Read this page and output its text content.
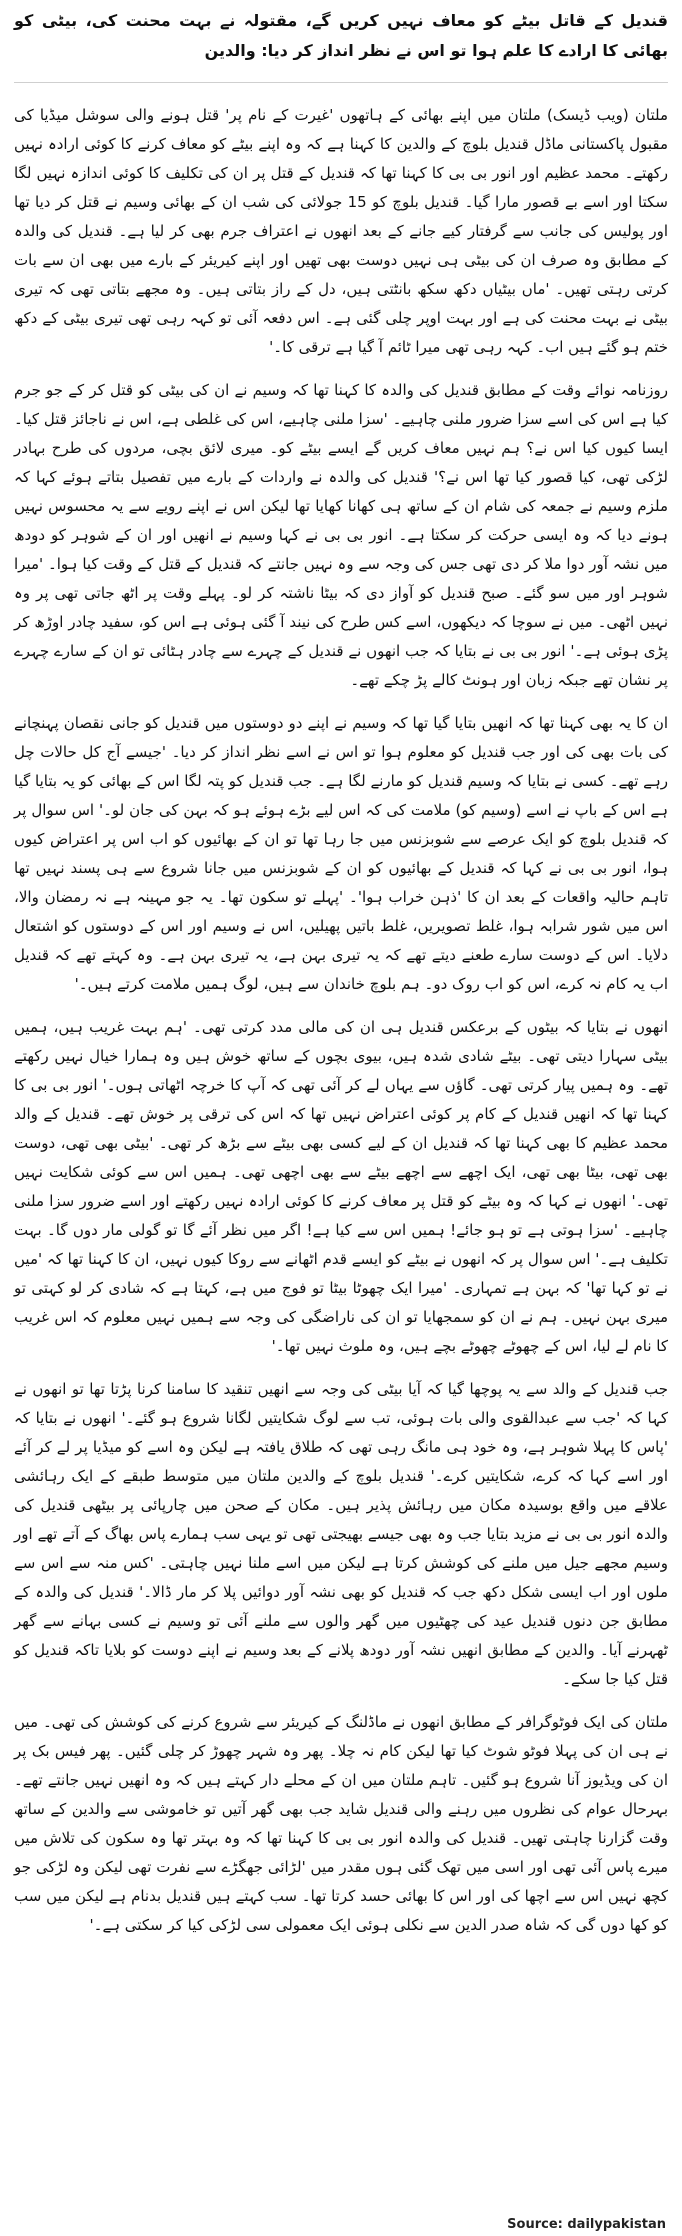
قندیل کے قاتل بیٹے کو معاف نہیں کریں گے، مقتولہ نے بہت محنت کی، بیٹی کو بھائی کا ارادے کا علم ہوا تو اس نے نظر انداز کر دیا: والدین

ملتان (ویب ڈیسک) ملتان میں اپنے بھائی کے ہاتھوں 'غیرت کے نام پر' قتل ہونے والی سوشل میڈیا کی مقبول پاکستانی ماڈل قندیل بلوچ کے والدین کا کہنا ہے کہ وہ اپنے بیٹے کو معاف کرنے کا کوئی ارادہ نہیں رکھتے۔ محمد عظیم اور انور بی بی کا کہنا تھا کہ قندیل کے قتل پر ان کی تکلیف کا کوئی اندازہ نہیں لگا سکتا اور اسے بے قصور مارا گیا۔ قندیل بلوچ کو 15 جولائی کی شب ان کے بھائی وسیم نے قتل کر دیا تھا اور پولیس کی جانب سے گرفتار کیے جانے کے بعد انھوں نے اعتراف جرم بھی کر لیا ہے۔ قندیل کی والدہ کے مطابق وہ صرف ان کی بیٹی ہی نہیں دوست بھی تھیں اور اپنے کیریئر کے بارے میں بھی ان سے بات کرتی رہتی تھیں۔ 'ماں بیٹیاں دکھ سکھ بانٹتی ہیں، دل کے راز بتاتی ہیں۔ وہ مجھے بتاتی تھی کہ تیری بیٹی نے بہت محنت کی ہے اور بہت اوپر چلی گئی ہے۔ اس دفعہ آئی تو کہہ رہی تھی تیری بیٹی کے دکھ ختم ہو گئے ہیں اب۔ کہہ رہی تھی میرا ٹائم آ گیا ہے ترقی کا۔'

روزنامہ نوائے وقت کے مطابق قندیل کی والدہ کا کہنا تھا کہ وسیم نے ان کی بیٹی کو قتل کر کے جو جرم کیا ہے اس کی اسے سزا ضرور ملنی چاہیے۔ 'سزا ملنی چاہیے، اس کی غلطی ہے، اس نے ناجائز قتل کیا۔ ایسا کیوں کیا اس نے؟ ہم نہیں معاف کریں گے ایسے بیٹے کو۔ میری لائق بچی، مردوں کی طرح بہادر لڑکی تھی، کیا قصور کیا تھا اس نے؟' قندیل کی والدہ نے واردات کے بارے میں تفصیل بتاتے ہوئے کہا کہ ملزم وسیم نے جمعہ کی شام ان کے ساتھ ہی کھانا کھایا تھا لیکن اس نے اپنے رویے سے یہ محسوس نہیں ہونے دیا کہ وہ ایسی حرکت کر سکتا ہے۔ انور بی بی نے کہا وسیم نے انھیں اور ان کے شوہر کو دودھ میں نشہ آور دوا ملا کر دی تھی جس کی وجہ سے وہ نہیں جانتے کہ قندیل کے قتل کے وقت کیا ہوا۔ 'میرا شوہر اور میں سو گئے۔ صبح قندیل کو آواز دی کہ بیٹا ناشتہ کر لو۔ پہلے وقت پر اٹھ جاتی تھی پر وہ نہیں اٹھی۔ میں نے سوچا کہ دیکھوں، اسے کس طرح کی نیند آ گئی ہوئی ہے اس کو، سفید چادر اوڑھ کر پڑی ہوئی ہے۔' انور بی بی نے بتایا کہ جب انھوں نے قندیل کے چہرے سے چادر ہٹائی تو ان کے سارے چہرے پر نشان تھے جبکہ زبان اور ہونٹ کالے پڑ چکے تھے۔

ان کا یہ بھی کہنا تھا کہ انھیں بتایا گیا تھا کہ وسیم نے اپنے دو دوستوں میں قندیل کو جانی نقصان پہنچانے کی بات بھی کی اور جب قندیل کو معلوم ہوا تو اس نے اسے نظر انداز کر دیا۔ 'جیسے آج کل حالات چل رہے تھے۔ کسی نے بتایا کہ وسیم قندیل کو مارنے لگا ہے۔ جب قندیل کو پتہ لگا اس کے بھائی کو یہ بتایا گیا ہے اس کے باپ نے اسے (وسیم کو) ملامت کی کہ اس لیے بڑے ہوئے ہو کہ بہن کی جان لو۔' اس سوال پر کہ قندیل بلوچ کو ایک عرصے سے شوبزنس میں جا رہا تھا تو ان کے بھائیوں کو اب اس پر اعتراض کیوں ہوا، انور بی بی نے کہا کہ قندیل کے بھائیوں کو ان کے شوبزنس میں جانا شروع سے ہی پسند نہیں تھا تاہم حالیہ واقعات کے بعد ان کا 'ذہن خراب ہوا'۔ 'پہلے تو سکون تھا۔ یہ جو مہینہ ہے نہ رمضان والا، اس میں شور شرابہ ہوا، غلط تصویریں، غلط باتیں پھیلیں، اس نے وسیم اور اس کے دوستوں کو اشتعال دلایا۔ اس کے دوست سارے طعنے دیتے تھے کہ یہ تیری بہن ہے، یہ تیری بہن ہے۔ وہ کہتے تھے کہ قندیل اب یہ کام نہ کرے، اس کو اب روک دو۔ ہم بلوچ خاندان سے ہیں، لوگ ہمیں ملامت کرتے ہیں۔'

انھوں نے بتایا کہ بیٹوں کے برعکس قندیل ہی ان کی مالی مدد کرتی تھی۔ 'ہم بہت غریب ہیں، ہمیں بیٹی سہارا دیتی تھی۔ بیٹے شادی شدہ ہیں، بیوی بچوں کے ساتھ خوش ہیں وہ ہمارا خیال نہیں رکھتے تھے۔ وہ ہمیں پیار کرتی تھی۔ گاؤں سے یہاں لے کر آئی تھی کہ آپ کا خرچہ اٹھاتی ہوں۔' انور بی بی کا کہنا تھا کہ انھیں قندیل کے کام پر کوئی اعتراض نہیں تھا کہ اس کی ترقی پر خوش تھے۔ قندیل کے والد محمد عظیم کا بھی کہنا تھا کہ قندیل ان کے لیے کسی بھی بیٹے سے بڑھ کر تھی۔ 'بیٹی بھی تھی، دوست بھی تھی، بیٹا بھی تھی، ایک اچھے سے اچھے بیٹے سے بھی اچھی تھی۔ ہمیں اس سے کوئی شکایت نہیں تھی۔' انھوں نے کہا کہ وہ بیٹے کو قتل پر معاف کرنے کا کوئی ارادہ نہیں رکھتے اور اسے ضرور سزا ملنی چاہیے۔ 'سزا ہوتی ہے تو ہو جائے! ہمیں اس سے کیا ہے! اگر میں نظر آئے گا تو گولی مار دوں گا۔ بہت تکلیف ہے۔' اس سوال پر کہ انھوں نے بیٹے کو ایسے قدم اٹھانے سے روکا کیوں نہیں، ان کا کہنا تھا کہ 'میں نے تو کہا تھا' کہ بہن ہے تمہاری۔ 'میرا ایک چھوٹا بیٹا تو فوج میں ہے، کہتا ہے کہ شادی کر لو کہتی تو میری بہن نہیں۔ ہم نے ان کو سمجھایا تو ان کی ناراضگی کی وجہ سے ہمیں نہیں معلوم کہ اس غریب کا نام لے لیا، اس کے چھوٹے چھوٹے بچے ہیں، وہ ملوث نہیں تھا۔'

جب قندیل کے والد سے یہ پوچھا گیا کہ آیا بیٹی کی وجہ سے انھیں تنقید کا سامنا کرنا پڑتا تھا تو انھوں نے کہا کہ 'جب سے عبدالقوی والی بات ہوئی، تب سے لوگ شکایتیں لگانا شروع ہو گئے۔' انھوں نے بتایا کہ 'پاس کا پہلا شوہر ہے، وہ خود ہی مانگ رہی تھی کہ طلاق یافتہ ہے لیکن وہ اسے کو میڈیا پر لے کر آئے اور اسے کہا کہ کرے، شکایتیں کرے۔' قندیل بلوچ کے والدین ملتان میں متوسط طبقے کے ایک رہائشی علاقے میں واقع بوسیدہ مکان میں رہائش پذیر ہیں۔ مکان کے صحن میں چارپائی پر بیٹھی قندیل کی والدہ انور بی بی نے مزید بتایا جب وہ بھی جیسے بھیجتی تھی تو یہی سب ہمارے پاس بھاگ کے آتے تھے اور وسیم مجھے جیل میں ملنے کی کوشش کرتا ہے لیکن میں اسے ملنا نہیں چاہتی۔ 'کس منہ سے اس سے ملوں اور اب ایسی شکل دکھ جب کہ قندیل کو بھی نشہ آور دوائیں پلا کر مار ڈالا۔' قندیل کی والدہ کے مطابق جن دنوں قندیل عید کی چھٹیوں میں گھر والوں سے ملنے آئی تو وسیم نے کسی بہانے سے گھر ٹھہرنے آیا۔ والدین کے مطابق انھیں نشہ آور دودھ پلانے کے بعد وسیم نے اپنے دوست کو بلایا تاکہ قندیل کو قتل کیا جا سکے۔

ملتان کی ایک فوٹوگرافر کے مطابق انھوں نے ماڈلنگ کے کیریئر سے شروع کرنے کی کوشش کی تھی۔ میں نے ہی ان کی پہلا فوٹو شوٹ کیا تھا لیکن کام نہ چلا۔ پھر وہ شہر چھوڑ کر چلی گئیں۔ پھر فیس بک پر ان کی ویڈیوز آنا شروع ہو گئیں۔ تاہم ملتان میں ان کے محلے دار کہتے ہیں کہ وہ انھیں نہیں جانتے تھے۔ بہرحال عوام کی نظروں میں رہنے والی قندیل شاید جب بھی گھر آتیں تو خاموشی سے والدین کے ساتھ وقت گزارنا چاہتی تھیں۔ قندیل کی والدہ انور بی بی کا کہنا تھا کہ وہ بہتر تھا وہ سکون کی تلاش میں میرے پاس آئی تھی اور اسی میں تھک گئی ہوں مقدر میں 'لڑائی جھگڑے سے نفرت تھی لیکن وہ لڑکی جو کچھ نہیں اس سے اچھا کی اور اس کا بھائی حسد کرتا تھا۔ سب کہتے ہیں قندیل بدنام ہے لیکن میں سب کو کھا دوں گی کہ شاہ صدر الدین سے نکلی ہوئی ایک معمولی سی لڑکی کیا کر سکتی ہے۔'

Source: dailypakistan
